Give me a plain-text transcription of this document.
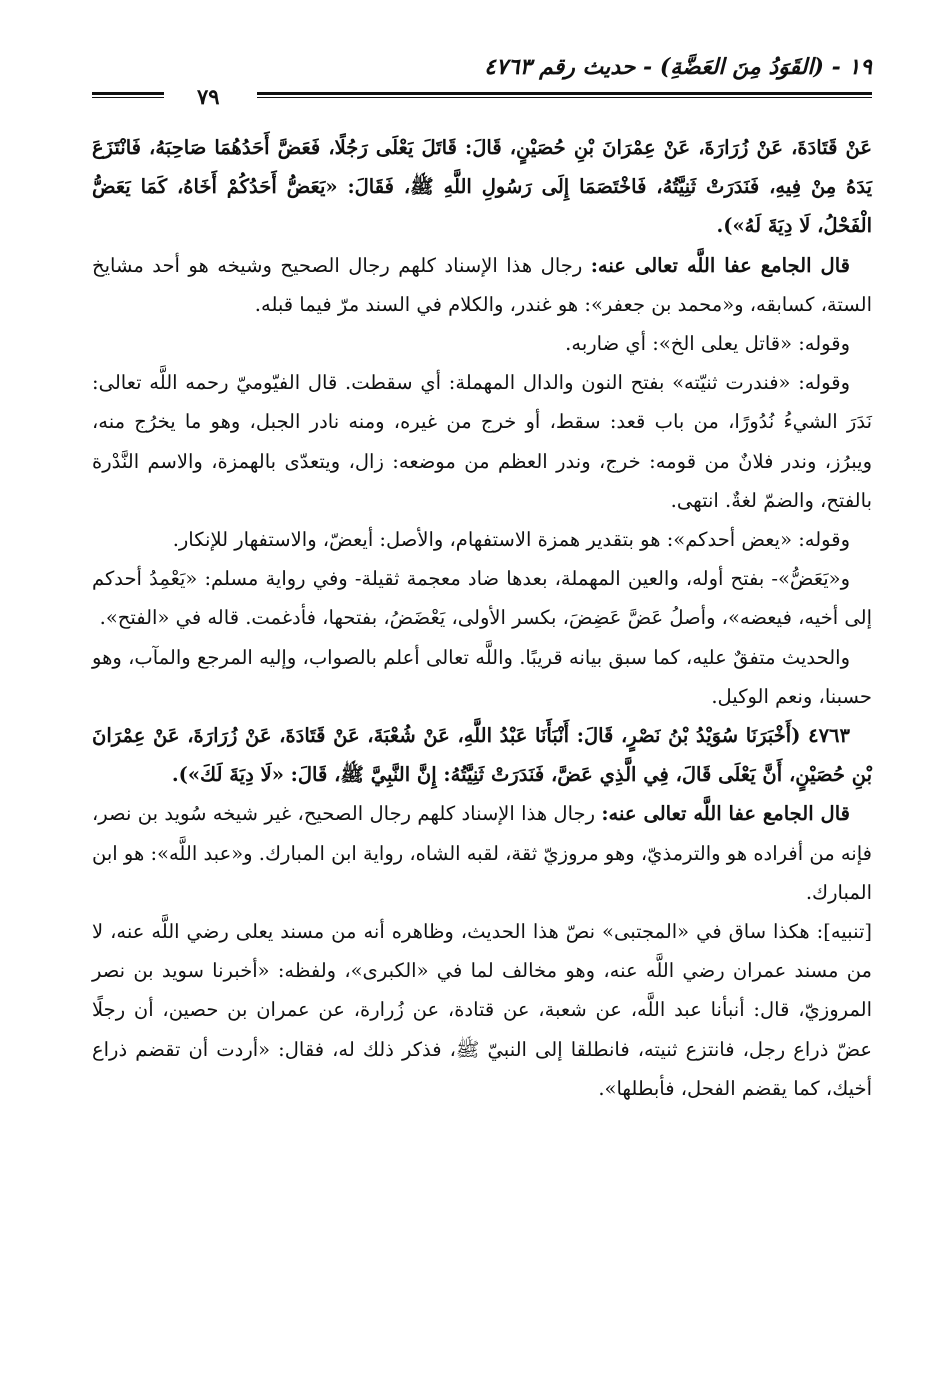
١٩ - (القَوَدُ مِنَ العَضَّةِ) - حديث رقم ٤٧٦٣
٧٩

عَنْ قَتَادَةَ، عَنْ زُرَارَةَ، عَنْ عِمْرَانَ بْنِ حُصَيْنٍ، قَالَ: قَاتَلَ يَعْلَى رَجُلًا، فَعَضَّ أَحَدُهُمَا صَاحِبَهُ، فَانْتَزَعَ يَدَهُ مِنْ فِيهِ، فَنَدَرَتْ ثَنِيَّتُهُ، فَاخْتَصَمَا إِلَى رَسُولِ اللَّهِ ﷺ، فَقَالَ: «يَعَضُّ أَحَدُكُمْ أَخَاهُ، كَمَا يَعَضُّ الْفَحْلُ، لَا دِيَةَ لَهُ»).

قال الجامع عفا اللَّه تعالى عنه: رجال هذا الإسناد كلهم رجال الصحيح وشيخه هو أحد مشايخ الستة، كسابقه، و«محمد بن جعفر»: هو غندر، والكلام في السند مرّ فيما قبله.

وقوله: «قاتل يعلى الخ»: أي ضاربه.

وقوله: «فندرت ثنيّته» بفتح النون والدال المهملة: أي سقطت. قال الفيّوميّ رحمه اللَّه تعالى: نَدَرَ الشيءُ نُدُورًا، من باب قعد: سقط، أو خرج من غيره، ومنه نادر الجبل، وهو ما يخرُج منه، ويبرُز، وندر فلانٌ من قومه: خرج، وندر العظم من موضعه: زال، ويتعدّى بالهمزة، والاسم النَّدْرة بالفتح، والضمّ لغةٌ. انتهى.

وقوله: «يعض أحدكم»: هو بتقدير همزة الاستفهام، والأصل: أيعضّ، والاستفهار للإنكار.

و«يَعَضُّ»- بفتح أوله، والعين المهملة، بعدها ضاد معجمة ثقيلة- وفي رواية مسلم: «يَعْمِدُ أحدكم إلى أخيه، فيعضه»، وأصلُ عَضَّ عَضِضَ، بكسر الأولى، يَعْضَضُ، بفتحها، فأدغمت. قاله في «الفتح».

والحديث متفقٌ عليه، كما سبق بيانه قريبًا. واللَّه تعالى أعلم بالصواب، وإليه المرجع والمآب، وهو حسبنا، ونعم الوكيل.

٤٧٦٣ (أَخْبَرَنَا سُوَيْدُ بْنُ نَصْرٍ، قَالَ: أَنْبَأَنَا عَبْدُ اللَّهِ، عَنْ شُعْبَةَ، عَنْ قَتَادَةَ، عَنْ زُرَارَةَ، عَنْ عِمْرَانَ بْنِ حُصَيْنٍ، أَنَّ يَعْلَى قَالَ، فِي الَّذِي عَضَّ، فَنَدَرَتْ ثَنِيَّتُهُ: إِنَّ النَّبِيَّ ﷺ، قَالَ: «لَا دِيَةَ لَكَ»).

قال الجامع عفا اللَّه تعالى عنه: رجال هذا الإسناد كلهم رجال الصحيح، غير شيخه سُويد بن نصر، فإنه من أفراده هو والترمذيّ، وهو مروزيّ ثقة، لقبه الشاه، رواية ابن المبارك. و«عبد اللَّه»: هو ابن المبارك.

[تنبيه]: هكذا ساق في «المجتبى» نصّ هذا الحديث، وظاهره أنه من مسند يعلى رضي اللَّه عنه، لا من مسند عمران رضي اللَّه عنه، وهو مخالف لما في «الكبرى»، ولفظه: «أخبرنا سويد بن نصر المروزيّ، قال: أنبأنا عبد اللَّه، عن شعبة، عن قتادة، عن زُرارة، عن عمران بن حصين، أن رجلًا عضّ ذراع رجل، فانتزع ثنيته، فانطلقا إلى النبيّ ﷺ، فذكر ذلك له، فقال: «أردت أن تقضم ذراع أخيك، كما يقضم الفحل، فأبطلها».
